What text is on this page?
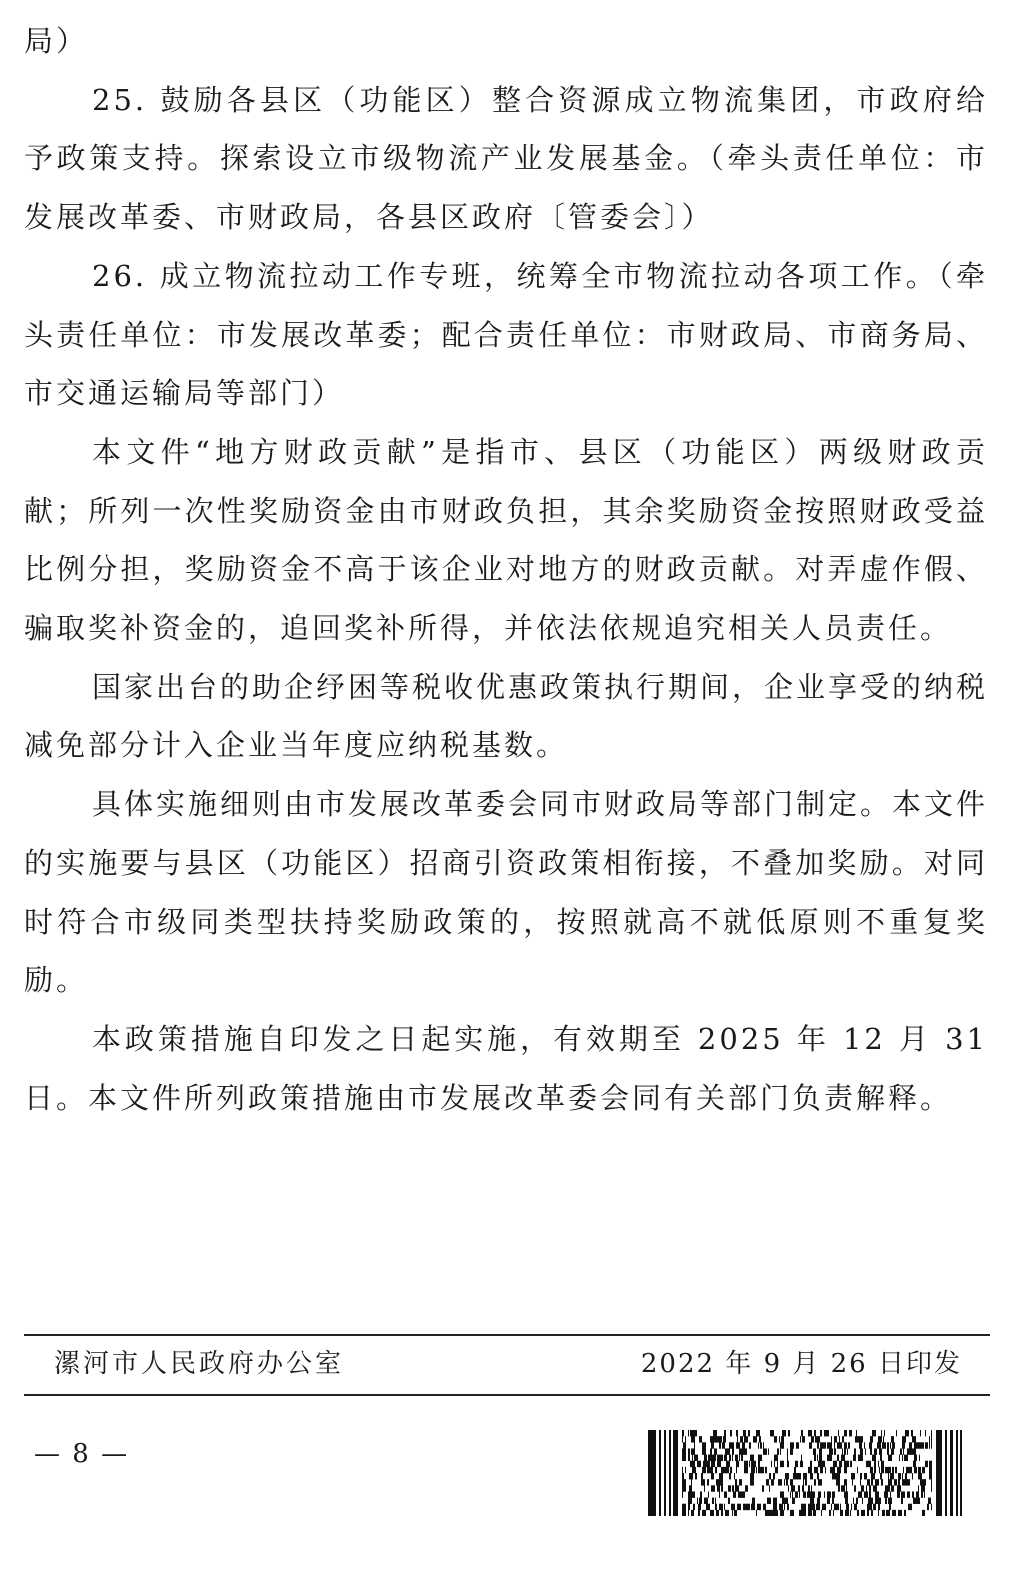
局）

25. 鼓励各县区（功能区）整合资源成立物流集团，市政府给予政策支持。探索设立市级物流产业发展基金。（牵头责任单位：市发展改革委、市财政局，各县区政府〔管委会〕）

26. 成立物流拉动工作专班，统筹全市物流拉动各项工作。（牵头责任单位：市发展改革委；配合责任单位：市财政局、市商务局、市交通运输局等部门）

本文件“地方财政贡献”是指市、县区（功能区）两级财政贡献；所列一次性奖励资金由市财政负担，其余奖励资金按照财政受益比例分担，奖励资金不高于该企业对地方的财政贡献。对弄虚作假、骗取奖补资金的，追回奖补所得，并依法依规追究相关人员责任。

国家出台的助企纾困等税收优惠政策执行期间，企业享受的纳税减免部分计入企业当年度应纳税基数。

具体实施细则由市发展改革委会同市财政局等部门制定。本文件的实施要与县区（功能区）招商引资政策相衔接，不叠加奖励。对同时符合市级同类型扶持奖励政策的，按照就高不就低原则不重复奖励。

本政策措施自印发之日起实施，有效期至 2025 年 12 月 31 日。本文件所列政策措施由市发展改革委会同有关部门负责解释。

漯河市人民政府办公室	2022 年 9 月 26 日印发
— 8 —
